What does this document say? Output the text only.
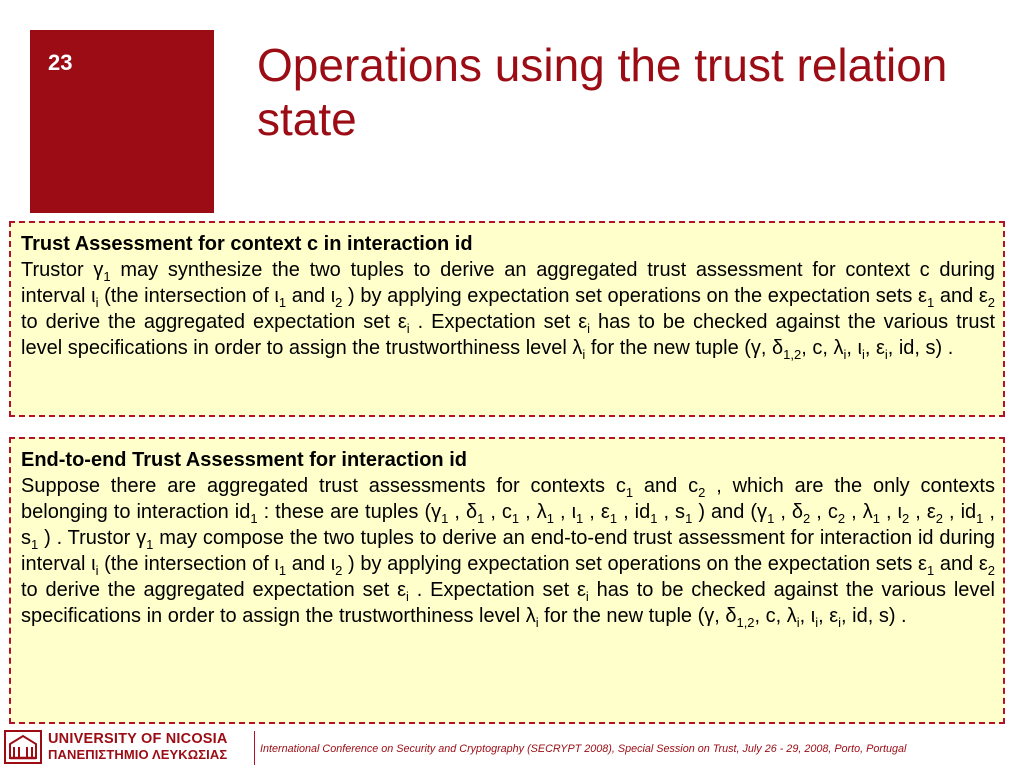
23	Operations using the trust relation state
Trust Assessment for context c in interaction id
Trustor $\gamma_1$ may synthesize the two tuples to derive an aggregated trust assessment for context c during interval $\iota_i$ (the intersection of $\iota_1$ and $\iota_2$ ) by applying expectation set operations on the expectation sets $\varepsilon_1$ and $\varepsilon_2$ to derive the aggregated expectation set $\varepsilon_i$ . Expectation set $\varepsilon_i$ has to be checked against the various trust level specifications in order to assign the trustworthiness level $\lambda_i$ for the new tuple (γ, $\delta_{1,2}$, c, $\lambda_i$, $\iota_i$, $\varepsilon_i$, id, s) .
End-to-end Trust Assessment for interaction id
Suppose there are aggregated trust assessments for contexts $c_1$ and $c_2$ , which are the only contexts belonging to interaction $id_1$ : these are tuples ($\gamma_1$ , $\delta_1$ , $c_1$ , $\lambda_1$ , $\iota_1$ , $\varepsilon_1$ , $id_1$ , $s_1$ ) and ($\gamma_1$ , $\delta_2$ , $c_2$ , $\lambda_1$ , $\iota_2$ , $\varepsilon_2$ , $id_1$ , $s_1$ ) . Trustor $\gamma_1$ may compose the two tuples to derive an end-to-end trust assessment for interaction id during interval $\iota_i$ (the intersection of $\iota_1$ and $\iota_2$ ) by applying expectation set operations on the expectation sets $\varepsilon_1$ and $\varepsilon_2$ to derive the aggregated expectation set $\varepsilon_i$ . Expectation set $\varepsilon_i$ has to be checked against the various level specifications in order to assign the trustworthiness level $\lambda_i$ for the new tuple (γ, $\delta_{1,2}$, c, $\lambda_i$, $\iota_i$, $\varepsilon_i$, id, s) .
UNIVERSITY OF NICOSIA
ΠΑΝΕΠΙΣΤΗΜΙΟ ΛΕΥΚΩΣΙΑΣ	International Conference on Security and Cryptography (SECRYPT 2008), Special Session on Trust, July 26 - 29, 2008, Porto, Portugal
